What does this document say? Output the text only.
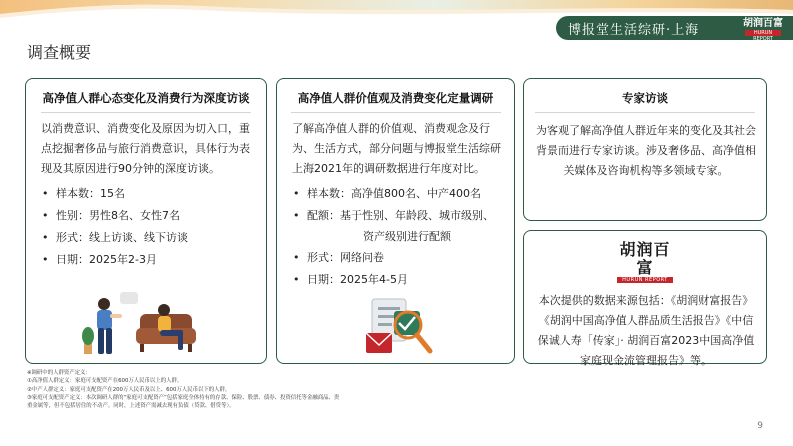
博报堂生活综研·上海	胡润百富
HURUN REPORT
调查概要
高净值人群心态变化及消费行为深度访谈
以消费意识、消费变化及原因为切入口，重点挖掘奢侈品与旅行消费意识，具体行为表现及其原因进行90分钟的深度访谈。
• 样本数：15名
• 性别：男性8名、女性7名
• 形式：线上访谈、线下访谈
• 日期：2025年2-3月
高净值人群价值观及消费变化定量调研
了解高净值人群的价值观、消费观念及行为、生活方式，部分问题与博报堂生活综研上海2021年的调研数据进行年度对比。
• 样本数：高净值800名、中产400名
• 配额：基于性别、年龄段、城市级别、
资产级别进行配额
• 形式：网络问卷
• 日期：2025年4-5月
专家访谈
为客观了解高净值人群近年来的变化及其社会背景而进行专家访谈。涉及奢侈品、高净值相关媒体及咨询机构等多领域专家。
胡润百富
HURUN REPORT
本次提供的数据来源包括：《胡润财富报告》《胡润中国高净值人群品质生活报告》《中信保诚人寿「传家」· 胡润百富2023中国高净值家庭现金流管理报告》等。
※调研中的人群资产定义：
①高净值人群定义：家庭可支配资产在600万人民币以上的人群。
②中产人群定义：家庭可支配资产在200万人民币及以上、600万人民币以下的人群。
③家庭可支配资产定义：本次调研人群的“家庭可支配资产”包括家庭全体持有的存款、保险、股票、债券、投资信托等金融商品、贵
重金属等，但不包括居住的不动产。同时，上述资产需减去现有负债（贷款、借贷等）。
9
